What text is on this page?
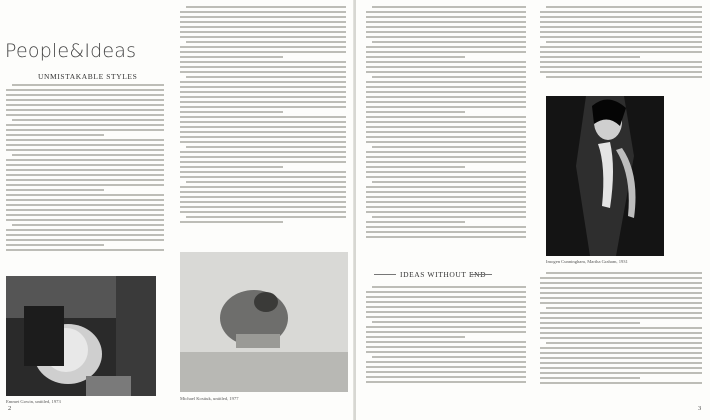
People&Ideas
UNMISTAKABLE STYLES

Emmet Gowin, untitled, 1973

Michael Kostiuk, untitled, 1977

2

IDEAS WITHOUT END

Imogen Cunningham, Martha Graham, 1931

3
